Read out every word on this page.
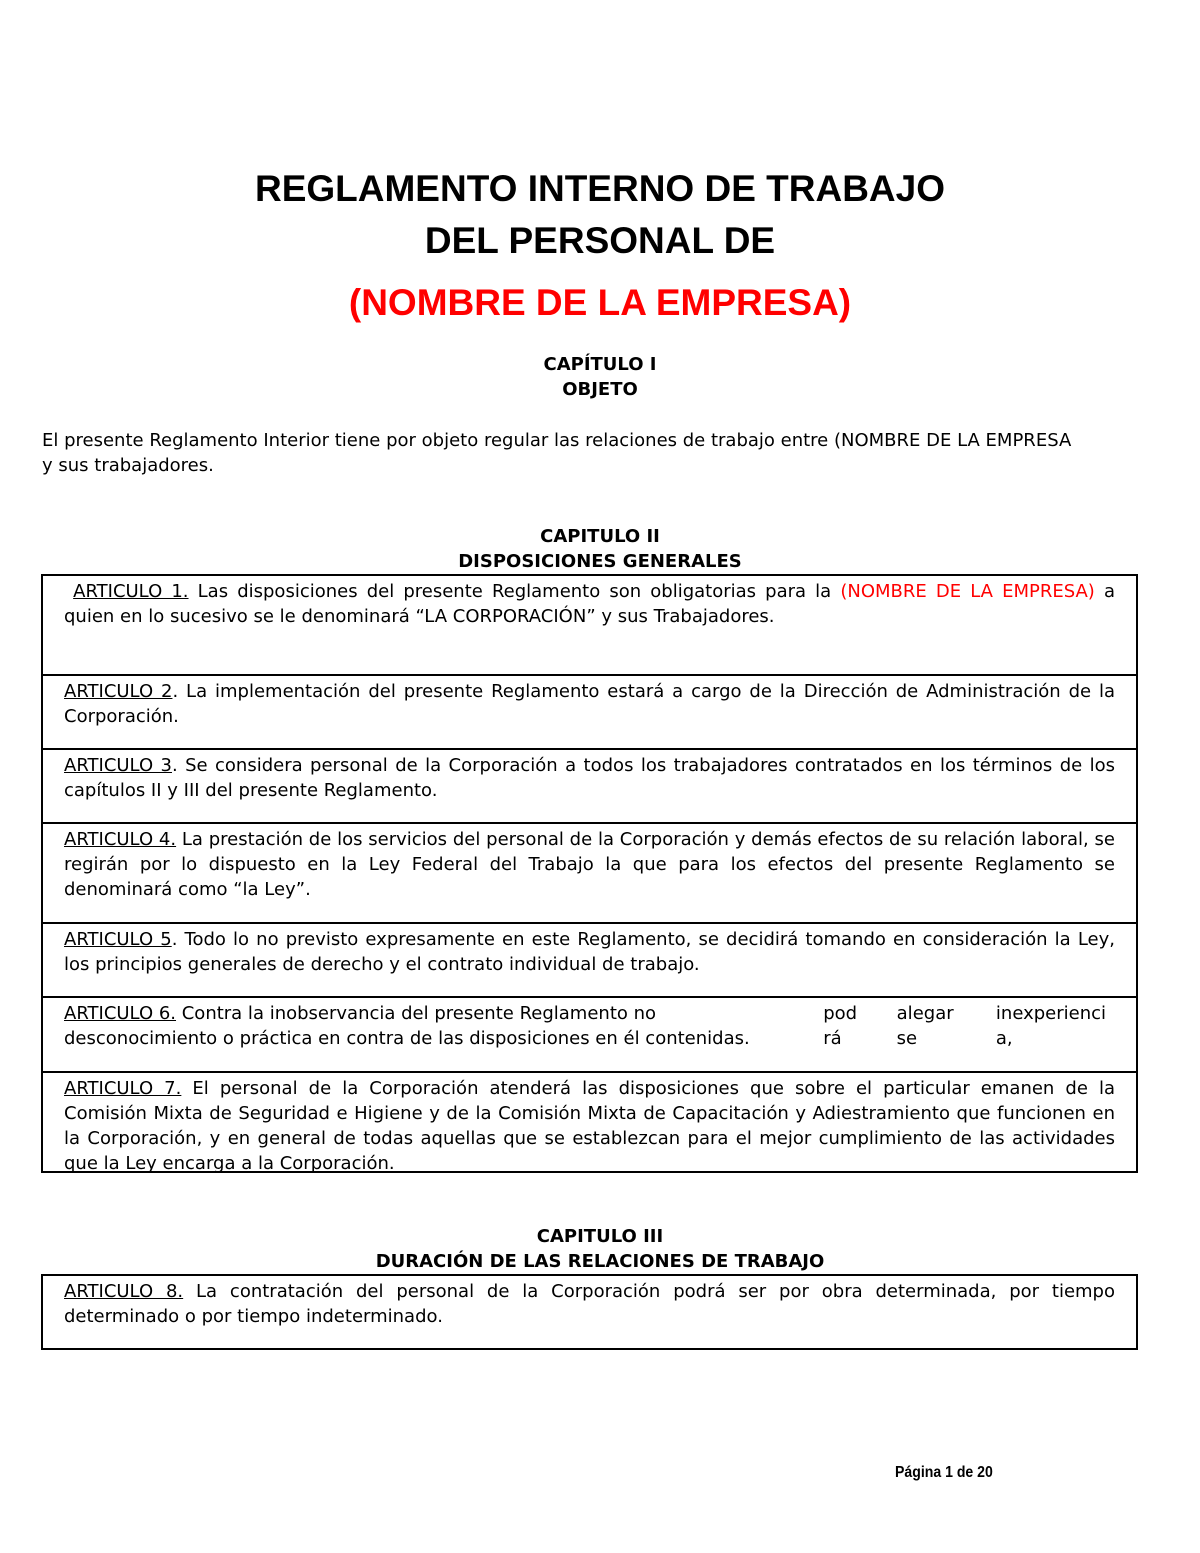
REGLAMENTO INTERNO DE TRABAJO
DEL PERSONAL DE
(NOMBRE DE LA EMPRESA)
CAPÍTULO I
OBJETO
El presente Reglamento Interior tiene por objeto regular las relaciones de trabajo entre (NOMBRE DE LA EMPRESA
y sus trabajadores.
CAPITULO II
DISPOSICIONES GENERALES
ARTICULO 1. Las disposiciones del presente Reglamento son obligatorias para la (NOMBRE DE LA EMPRESA) a quien en lo sucesivo se le denominará “LA CORPORACIÓN” y sus Trabajadores.
ARTICULO 2. La implementación del presente Reglamento estará a cargo de la Dirección de Administración de la Corporación.
ARTICULO 3. Se considera personal de la Corporación a todos los trabajadores contratados en los términos de los capítulos II y III del presente Reglamento.
ARTICULO 4. La prestación de los servicios del personal de la Corporación y demás efectos de su relación laboral, se regirán por lo dispuesto en la Ley Federal del Trabajo la que para los efectos del presente Reglamento se denominará como “la Ley”.
ARTICULO 5. Todo lo no previsto expresamente en este Reglamento, se decidirá tomando en consideración la Ley, los principios generales de derecho y el contrato individual de trabajo.
ARTICULO 6. Contra la inobservancia del presente Reglamento no
desconocimiento o práctica en contra de las disposiciones en él contenidas.
pod
rá
alegar
se
inexperienci
a,
ARTICULO 7. El personal de la Corporación atenderá las disposiciones que sobre el particular emanen de la Comisión Mixta de Seguridad e Higiene y de la Comisión Mixta de Capacitación y Adiestramiento que funcionen en la Corporación, y en general de todas aquellas que se establezcan para el mejor cumplimiento de las actividades que la Ley encarga a la Corporación.
CAPITULO III
DURACIÓN DE LAS RELACIONES DE TRABAJO
ARTICULO 8. La contratación del personal de la Corporación podrá ser por obra determinada, por tiempo determinado o por tiempo indeterminado.
Página 1 de 20
